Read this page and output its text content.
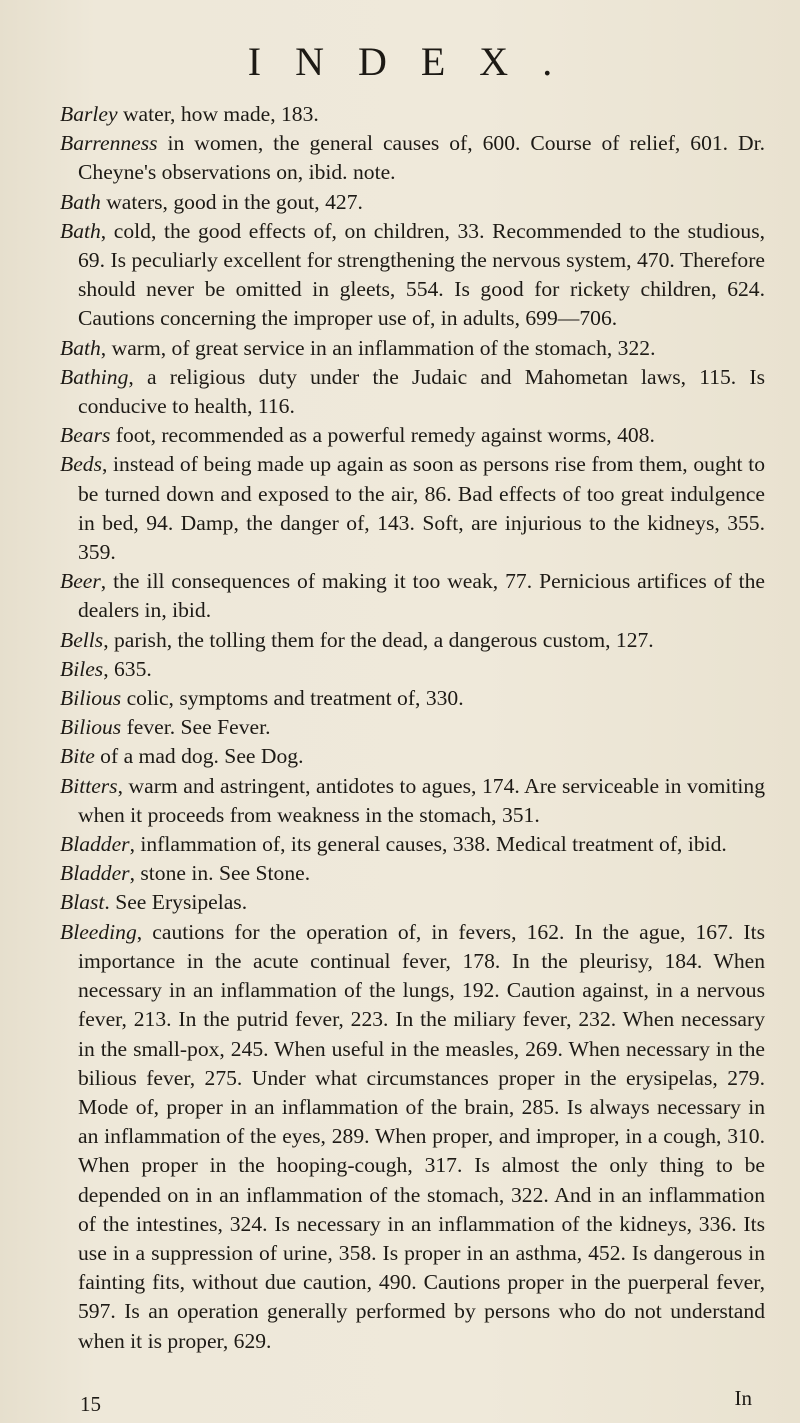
INDEX.

Barley water, how made, 183.

Barrenness in women, the general causes of, 600. Course of relief, 601. Dr. Cheyne's observations on, ibid. note.

Bath waters, good in the gout, 427.

Bath, cold, the good effects of, on children, 33. Recommended to the studious, 69. Is peculiarly excellent for strengthening the nervous system, 470. Therefore should never be omitted in gleets, 554. Is good for rickety children, 624. Cautions concerning the improper use of, in adults, 699—706.

Bath, warm, of great service in an inflammation of the stomach, 322.

Bathing, a religious duty under the Judaic and Mahometan laws, 115. Is conducive to health, 116.

Bears foot, recommended as a powerful remedy against worms, 408.

Beds, instead of being made up again as soon as persons rise from them, ought to be turned down and exposed to the air, 86. Bad effects of too great indulgence in bed, 94. Damp, the danger of, 143. Soft, are injurious to the kidneys, 355. 359.

Beer, the ill consequences of making it too weak, 77. Pernicious artifices of the dealers in, ibid.

Bells, parish, the tolling them for the dead, a dangerous custom, 127.

Biles, 635.

Bilious colic, symptoms and treatment of, 330.

Bilious fever. See Fever.

Bite of a mad dog. See Dog.

Bitters, warm and astringent, antidotes to agues, 174. Are serviceable in vomiting when it proceeds from weakness in the stomach, 351.

Bladder, inflammation of, its general causes, 338. Medical treatment of, ibid.

Bladder, stone in. See Stone.

Blast. See Erysipelas.

Bleeding, cautions for the operation of, in fevers, 162. In the ague, 167. Its importance in the acute continual fever, 178. In the pleurisy, 184. When necessary in an inflammation of the lungs, 192. Caution against, in a nervous fever, 213. In the putrid fever, 223. In the miliary fever, 232. When necessary in the small-pox, 245. When useful in the measles, 269. When necessary in the bilious fever, 275. Under what circumstances proper in the erysipelas, 279. Mode of, proper in an inflammation of the brain, 285. Is always necessary in an inflammation of the eyes, 289. When proper, and improper, in a cough, 310. When proper in the hooping-cough, 317. Is almost the only thing to be depended on in an inflammation of the stomach, 322. And in an inflammation of the intestines, 324. Is necessary in an inflammation of the kidneys, 336. Its use in a suppression of urine, 358. Is proper in an asthma, 452. Is dangerous in fainting fits, without due caution, 490. Cautions proper in the puerperal fever, 597. Is an operation generally performed by persons who do not understand when it is proper, 629.

15	In
